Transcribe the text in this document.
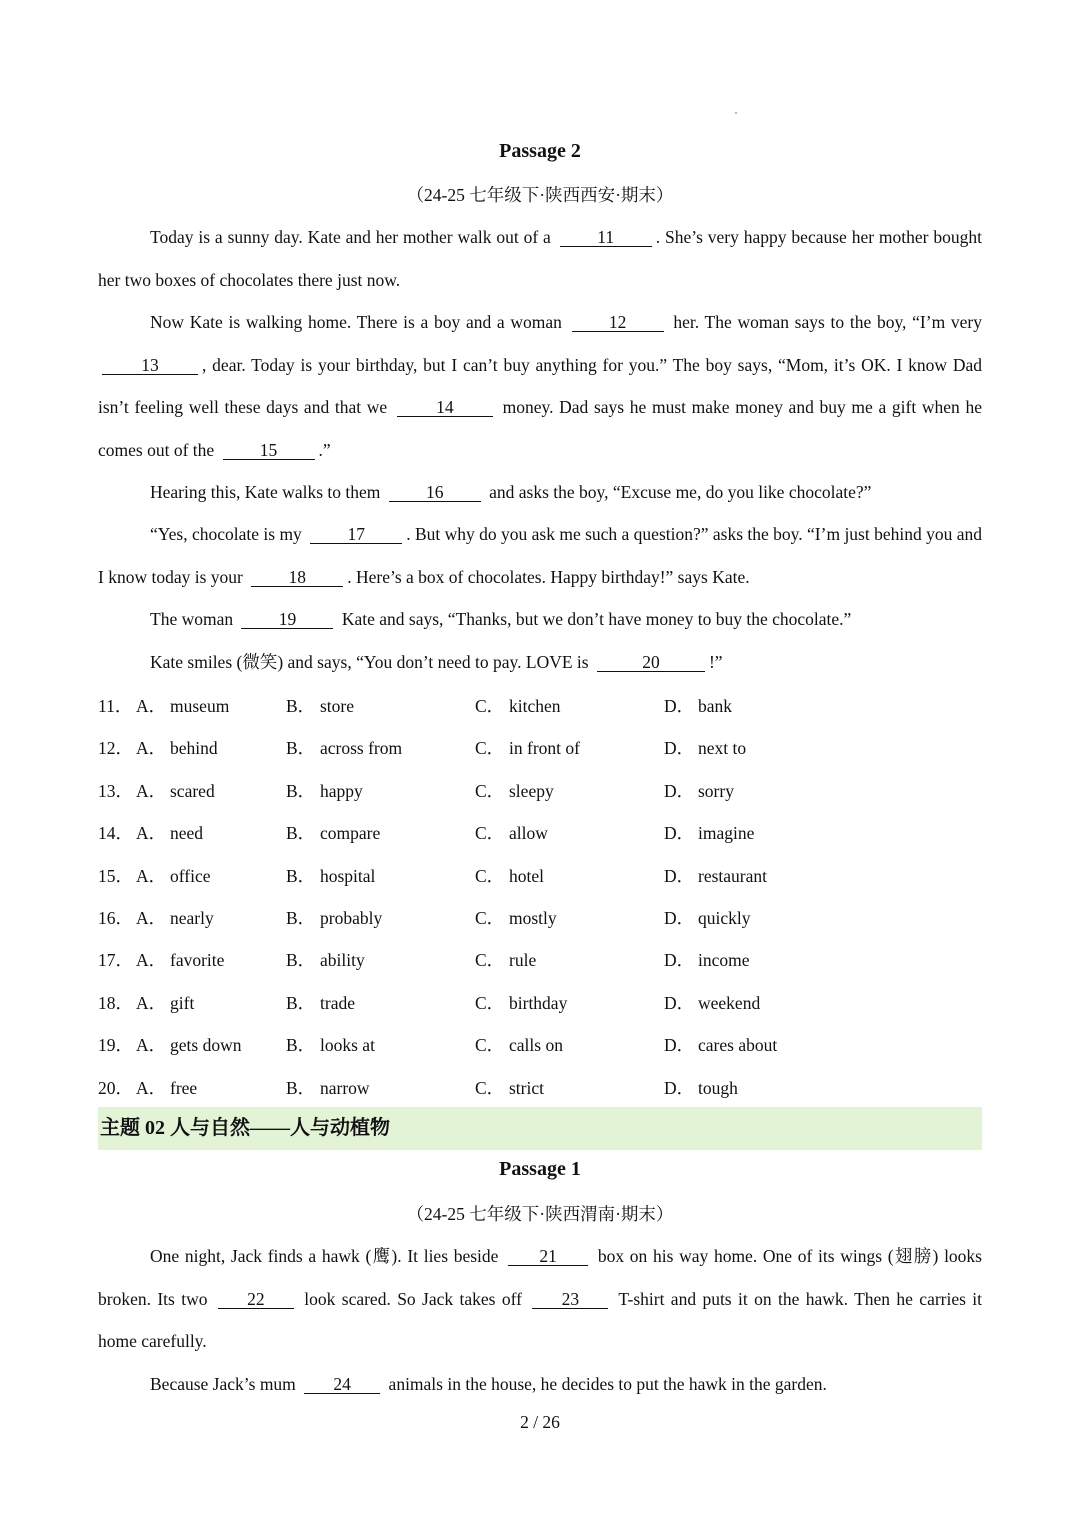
Passage 2
（24-25 七年级下·陕西西安·期末）
Today is a sunny day. Kate and her mother walk out of a	11 . She’s very happy because her mother bought her two boxes of chocolates there just now.
Now Kate is walking home. There is a boy and a woman	12	her. The woman says to the boy, “I’m very 13 , dear. Today is your birthday, but I can’t buy anything for you.” The boy says, “Mom, it’s OK. I know Dad isn’t feeling well these days and that we	14	money. Dad says he must make money and buy me a gift when he comes out of the	15 .”
Hearing this, Kate walks to them	16	and asks the boy, “Excuse me, do you like chocolate?”
“Yes, chocolate is my	17 . But why do you ask me such a question?” asks the boy. “I’m just behind you and I know today is your	18 . Here’s a box of chocolates. Happy birthday!” says Kate.
The woman	19	Kate and says, “Thanks, but we don’t have money to buy the chocolate.”
Kate smiles (微笑) and says, “You don’t need to pay. LOVE is	20	!”
11． A． museum	B． store	C． kitchen	D． bank
12． A． behind	B． across from	C． in front of	D． next to
13． A． scared	B． happy	C． sleepy	D． sorry
14． A． need	B． compare	C． allow	D． imagine
15． A． office	B． hospital	C． hotel	D． restaurant
16． A． nearly	B． probably	C． mostly	D． quickly
17． A． favorite	B． ability	C． rule	D． income
18． A． gift	B． trade	C． birthday	D． weekend
19． A． gets down	B． looks at	C． calls on	D． cares about
20． A． free	B． narrow	C． strict	D． tough
主题 02 人与自然——人与动植物
Passage 1
（24-25 七年级下·陕西渭南·期末）
One night, Jack finds a hawk (鹰). It lies beside 21 box on his way home. One of its wings (翅膀) looks broken. Its two 22 look scared. So Jack takes off 23 T-shirt and puts it on the hawk. Then he carries it home carefully.
Because Jack’s mum 24 animals in the house, he decides to put the hawk in the garden.
2 / 26
